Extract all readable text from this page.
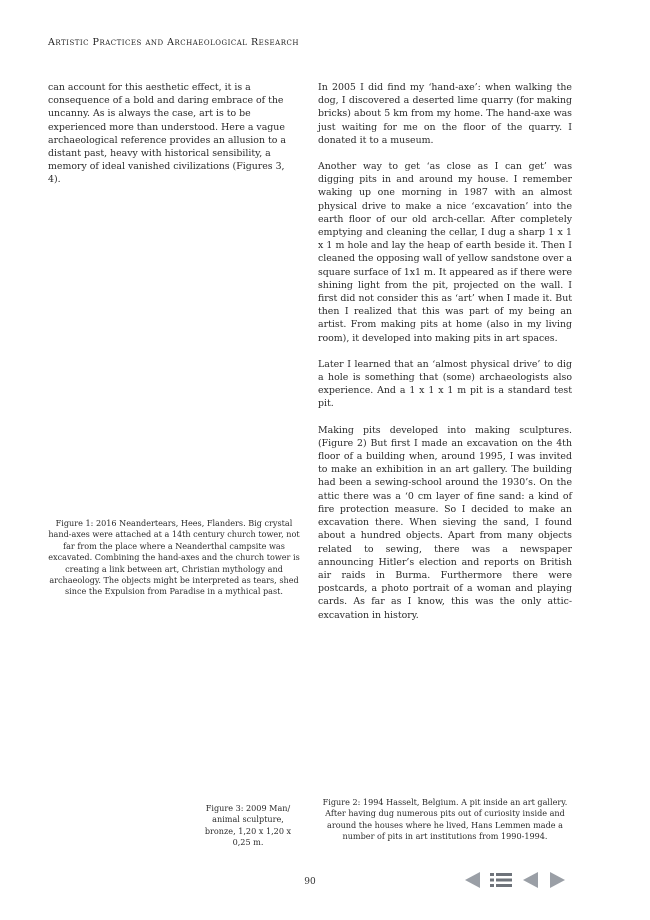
Artistic Practices and Archaeological Research

can account for this aesthetic effect, it is a consequence of a bold and daring embrace of the uncanny. As is always the case, art is to be experienced more than understood. Here a vague archaeological reference provides an allusion to a distant past, heavy with historical sensibility, a memory of ideal vanished civilizations (Figures 3, 4).

In 2005 I did find my ‘hand-axe’: when walking the dog, I discovered a deserted lime quarry (for making bricks) about 5 km from my home. The hand-axe was just waiting for me on the floor of the quarry. I donated it to a museum.

Another way to get ‘as close as I can get’ was digging pits in and around my house. I remember waking up one morning in 1987 with an almost physical drive to make a nice ‘excavation’ into the earth floor of our old arch-cellar. After completely emptying and cleaning the cellar, I dug a sharp 1 x 1 x 1 m hole and lay the heap of earth beside it. Then I cleaned the opposing wall of yellow sandstone over a square surface of 1x1 m. It appeared as if there were shining light from the pit, projected on the wall. I first did not consider this as ‘art’ when I made it. But then I realized that this was part of my being an artist. From making pits at home (also in my living room), it developed into making pits in art spaces.

Later I learned that an ‘almost physical drive’ to dig a hole is something that (some) archaeologists also experience. And a 1 x 1 x 1 m pit is a standard test pit.

Making pits developed into making sculptures. (Figure 2) But first I made an excavation on the 4th floor of a building when, around 1995, I was invited to make an exhibition in an art gallery. The building had been a sewing-school around the 1930’s. On the attic there was a ‘0 cm layer of fine sand: a kind of fire protection measure. So I decided to make an excavation there. When sieving the sand, I found about a hundred objects. Apart from many objects related to sewing, there was a newspaper announcing Hitler’s election and reports on British air raids in Burma. Furthermore there were postcards, a photo portrait of a woman and playing cards. As far as I know, this was the only attic-excavation in history.

Figure 1: 2016 Neandertears, Hees, Flanders. Big crystal hand-axes were attached at a 14th century church tower, not far from the place where a Neanderthal campsite was excavated. Combining the hand-axes and the church tower is creating a link between art, Christian mythology and archaeology. The objects might be interpreted as tears, shed since the Expulsion from Paradise in a mythical past.

Figure 3: 2009 Man/ animal sculpture, bronze, 1,20 x 1,20 x 0,25 m.

Figure 2: 1994 Hasselt, Belgium. A pit inside an art gallery. After having dug numerous pits out of curiosity inside and around the houses where he lived, Hans Lemmen made a number of pits in art institutions from 1990-1994.

90
